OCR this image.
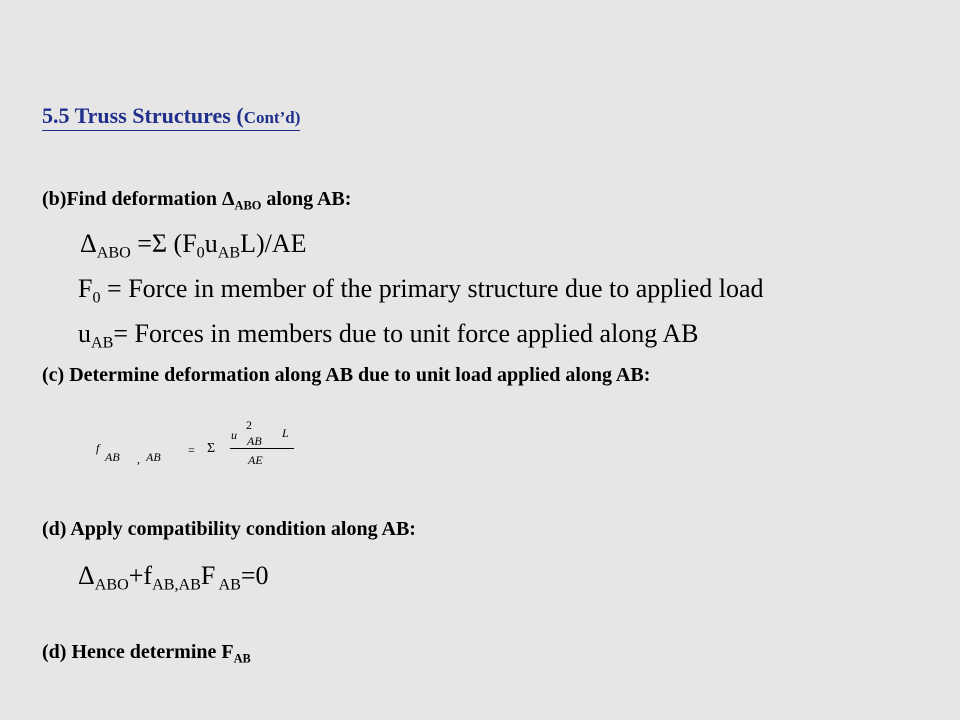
5.5 Truss Structures (Cont’d)
(b)Find deformation $\Delta_{ABO}$ along AB:
$\Delta_{ABO} =\Sigma$ $(F_0u_{AB}L)/AE$
$F_0$ = Force in member of the primary structure due to applied load
$u_{AB}=$ Forces in members due to unit force applied along AB
(c) Determine deformation along AB due to unit load applied along AB:
f
AB , AB = Σ
u
2
AB
L
AE
(d) Apply compatibility condition along AB:
$\Delta_{ABO}+f_{AB,AB}F$ $_{AB}$=0
(d) Hence determine $F_{AB}$
